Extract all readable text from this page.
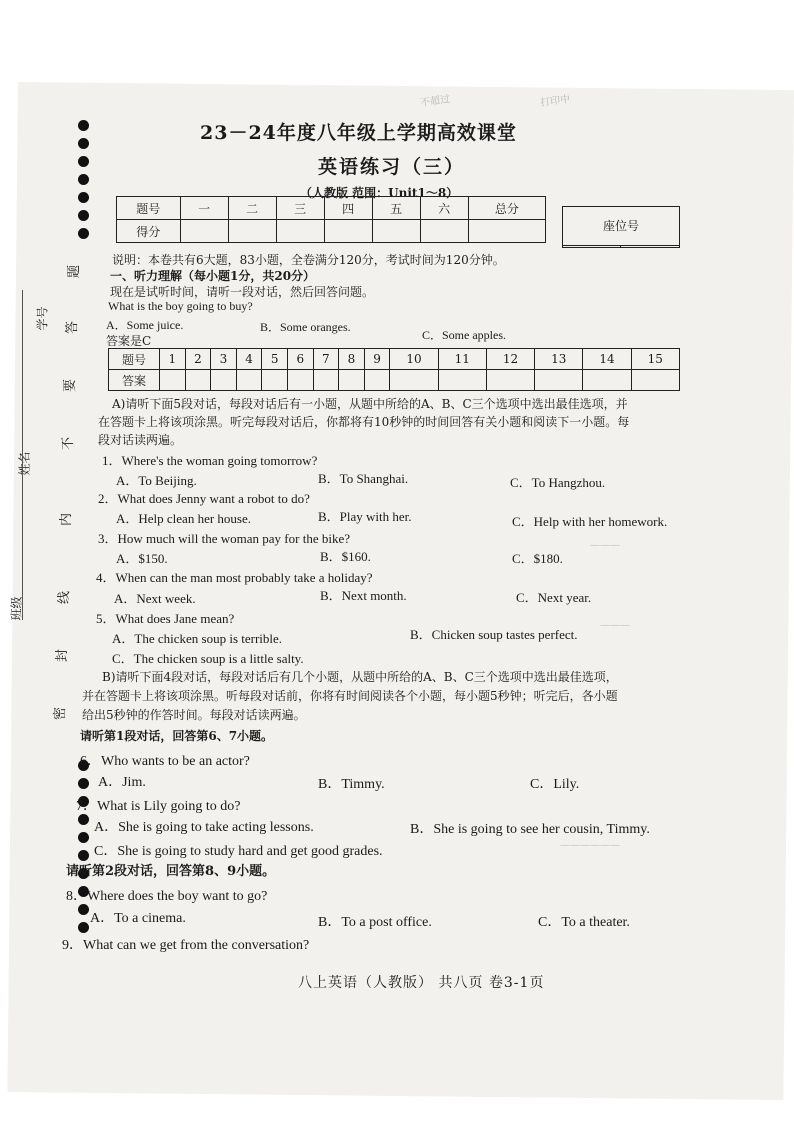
不超过	打印中
学号
姓名
班级
题
答
要
不
内
线
封
密
23－24年度八年级上学期高效课堂
英语练习（三）
（人教版 范围：Unit1～8）
题号	一	二	三	四	五	六	总分
得分								座位号

说明：本卷共有6大题，83小题，全卷满分120分，考试时间为120分钟。
一、听力理解（每小题1分，共20分）
现在是试听时间，请听一段对话，然后回答问题。
What is the boy going to buy?
A．Some juice.	B．Some oranges.
C．Some apples.
答案是C
题号	1	2	3	4	5	6	7	8	9	10	11	12	13	14	15
答案															
A)请听下面5段对话，每段对话后有一小题，从题中所给的A、B、C三个选项中选出最佳选项，并
在答题卡上将该项涂黑。听完每段对话后，你都将有10秒钟的时间回答有关小题和阅读下一小题。每
段对话读两遍。
1．Where's the woman going tomorrow?
A．To Beijing.	B．To Shanghai.	C．To Hangzhou.
2．What does Jenny want a robot to do?
A．Help clean her house.	B．Play with her.	C．Help with her homework.
3．How much will the woman pay for the bike?
A．$150.	B．$160.	C．$180.
4．When can the man most probably take a holiday?
A．Next week.	B．Next month.	C．Next year.
5．What does Jane mean?
A．The chicken soup is terrible.	B．Chicken soup tastes perfect.
C．The chicken soup is a little salty.
B)请听下面4段对话，每段对话后有几个小题，从题中所给的A、B、C三个选项中选出最佳选项，
并在答题卡上将该项涂黑。听每段对话前，你将有时间阅读各个小题，每小题5秒钟；听完后，各小题
给出5秒钟的作答时间。每段对话读两遍。
请听第1段对话，回答第6、7小题。
6．Who wants to be an actor?
A．Jim.	B．Timmy.	C．Lily.
7．What is Lily going to do?
A．She is going to take acting lessons.	B．She is going to see her cousin, Timmy.
C．She is going to study hard and get good grades.
请听第2段对话，回答第8、9小题。
8．Where does the boy want to go?
A．To a cinema.	B．To a post office.	C．To a theater.
9．What can we get from the conversation?
———
———
——————
八上英语（人教版） 共八页 卷3-1页
